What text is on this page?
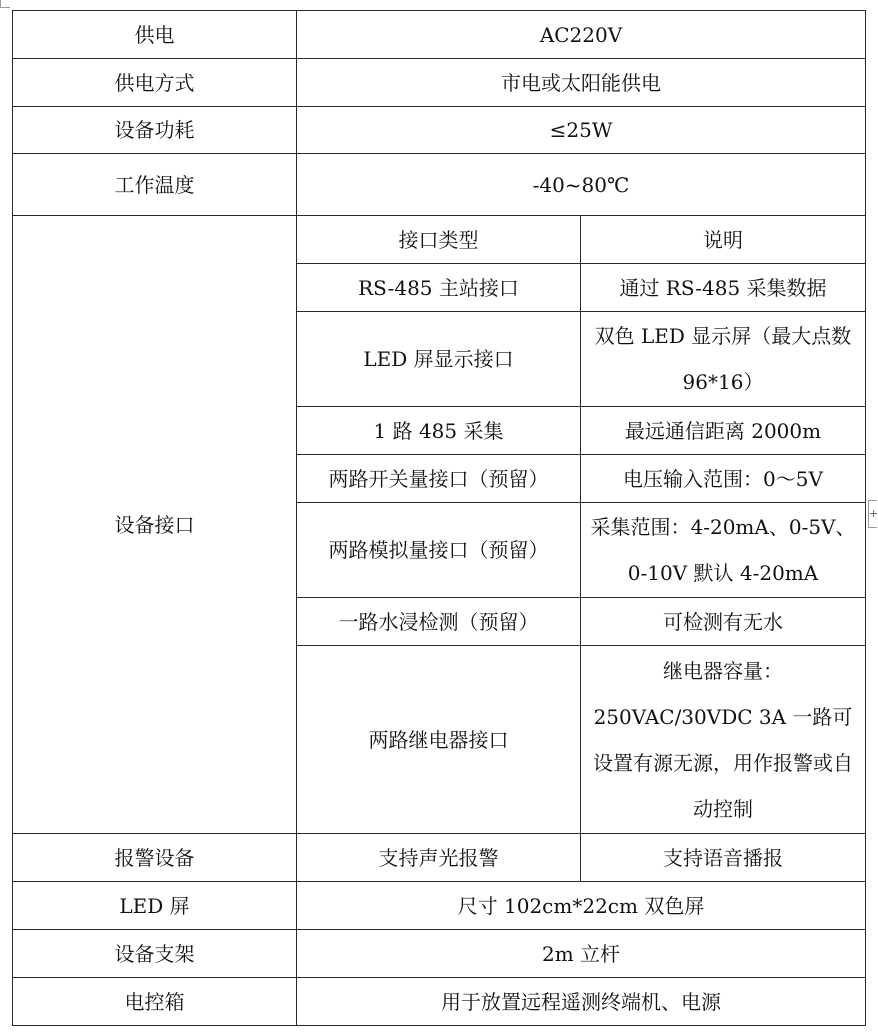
+
供电	AC220V	
供电方式	市电或太阳能供电	
设备功耗	≤25W	
工作温度	-40~80℃	
设备接口	接口类型	说明
	RS-485 主站接口	通过 RS-485 采集数据
	LED 屏显示接口	双色 LED 显示屏（最大点数 96*16）
	1 路 485 采集	最远通信距离 2000m
	两路开关量接口（预留）	电压输入范围：0～5V
	两路模拟量接口（预留）	采集范围：4-20mA、0-5V、0-10V 默认 4-20mA
	一路水浸检测（预留）	可检测有无水
	两路继电器接口	继电器容量：250VAC/30VDC 3A 一路可设置有源无源，用作报警或自动控制
报警设备	支持声光报警	支持语音播报
LED 屏	尺寸 102cm*22cm 双色屏	
设备支架	2m 立杆	
电控箱	用于放置远程遥测终端机、电源	
